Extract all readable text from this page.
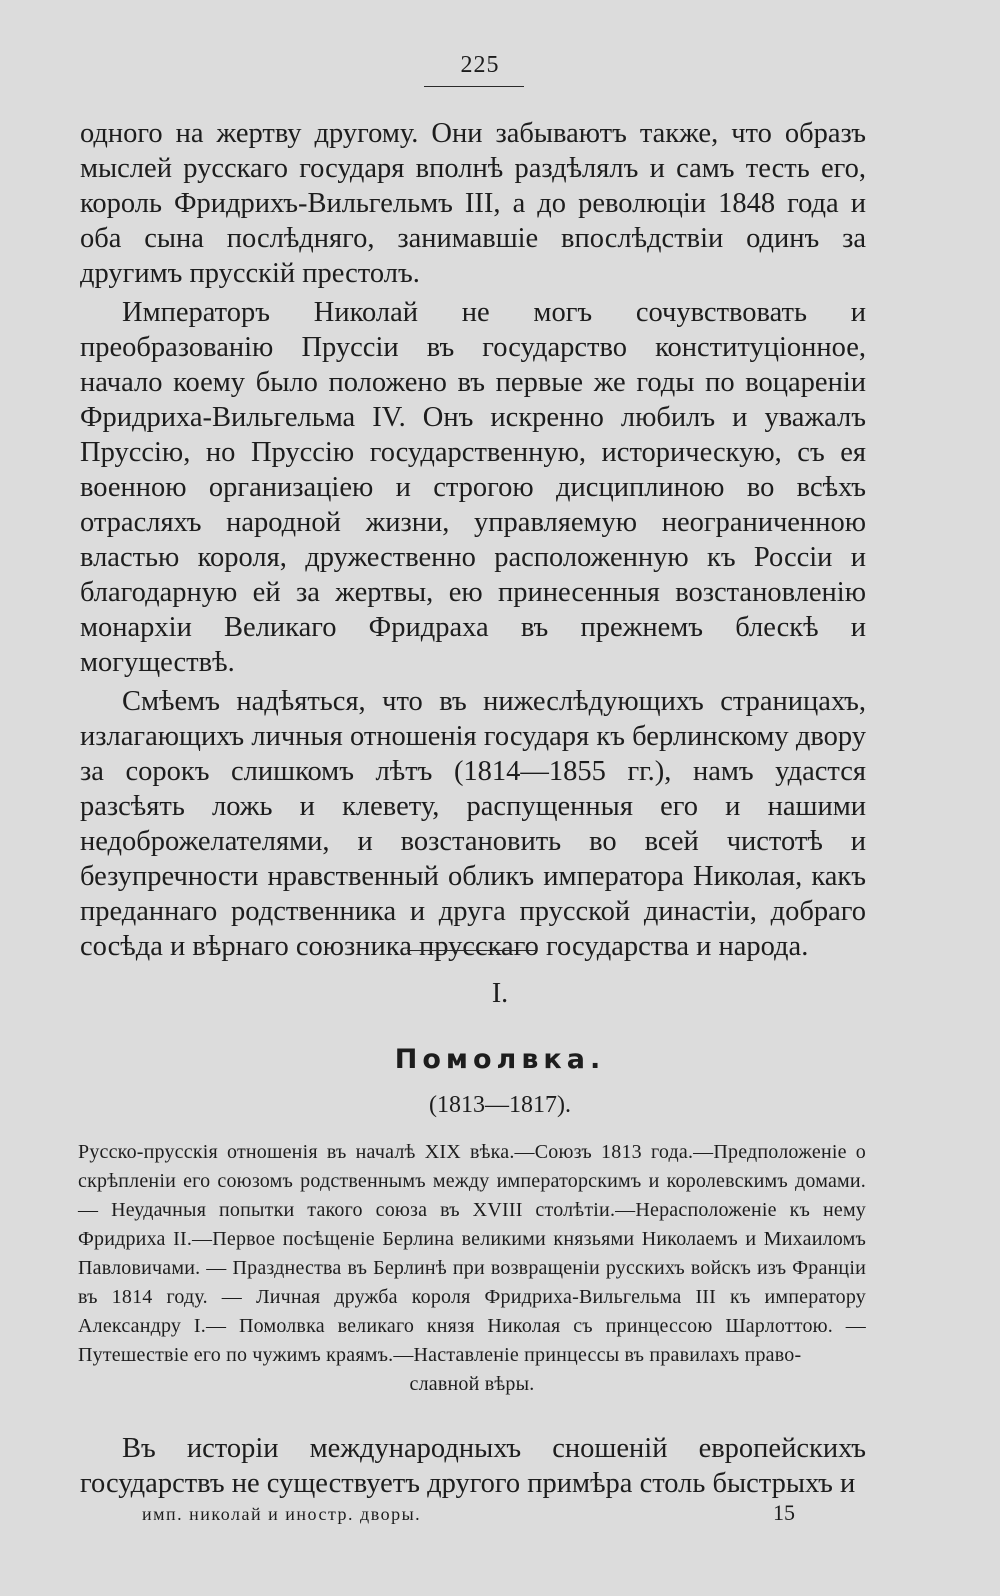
225

одного на жертву другому. Они забываютъ также, что образъ мыслей русскаго государя вполнѣ раздѣлялъ и самъ тесть его, король Фридрихъ-Вильгельмъ III, а до революціи 1848 года и оба сына послѣдняго, занимавшіе впослѣдствіи одинъ за другимъ прусскій престолъ.

Императоръ Николай не могъ сочувствовать и преобразованію Пруссіи въ государство конституціонное, начало коему было положено въ первые же годы по воцареніи Фридриха-Вильгельма IV. Онъ искренно любилъ и уважалъ Пруссію, но Пруссію государственную, историческую, съ ея военною организаціею и строгою дисциплиною во всѣхъ отрасляхъ народной жизни, управляемую неограниченною властью короля, дружественно расположенную къ Россіи и благодарную ей за жертвы, ею принесенныя возстановленію монархіи Великаго Фридраха въ прежнемъ блескѣ и могуществѣ.

Смѣемъ надѣяться, что въ нижеслѣдующихъ страницахъ, излагающихъ личныя отношенія государя къ берлинскому двору за сорокъ слишкомъ лѣтъ (1814—1855 гг.), намъ удастся разсѣять ложь и клевету, распущенныя его и нашими недоброжелателями, и возстановить во всей чистотѣ и безупречности нравственный обликъ императора Николая, какъ преданнаго родственника и друга прусской династіи, добраго сосѣда и вѣрнаго союзника прусскаго государства и народа.

I.
Помолвка.
(1813—1817).
Русско-прусскія отношенія въ началѣ XIX вѣка.—Союзъ 1813 года.—Предположеніе о скрѣпленіи его союзомъ родственнымъ между императорскимъ и королевскимъ домами. — Неудачныя попытки такого союза въ XVIII столѣтіи.—Нерасположеніе къ нему Фридриха II.—Первое посѣщеніе Берлина великими князьями Николаемъ и Михаиломъ Павловичами. — Празднества въ Берлинѣ при возвращеніи русскихъ войскъ изъ Франціи въ 1814 году. — Личная дружба короля Фридриха-Вильгельма III къ императору Александру I.— Помолвка великаго князя Николая съ принцессою Шарлоттою. — Путешествіе его по чужимъ краямъ.—Наставленіе принцессы въ правилахъ право-
славной вѣры.

Въ исторіи международныхъ сношеній европейскихъ государствъ не существуетъ другого примѣра столь быстрыхъ и

имп. николай и иностр. дворы.	15
